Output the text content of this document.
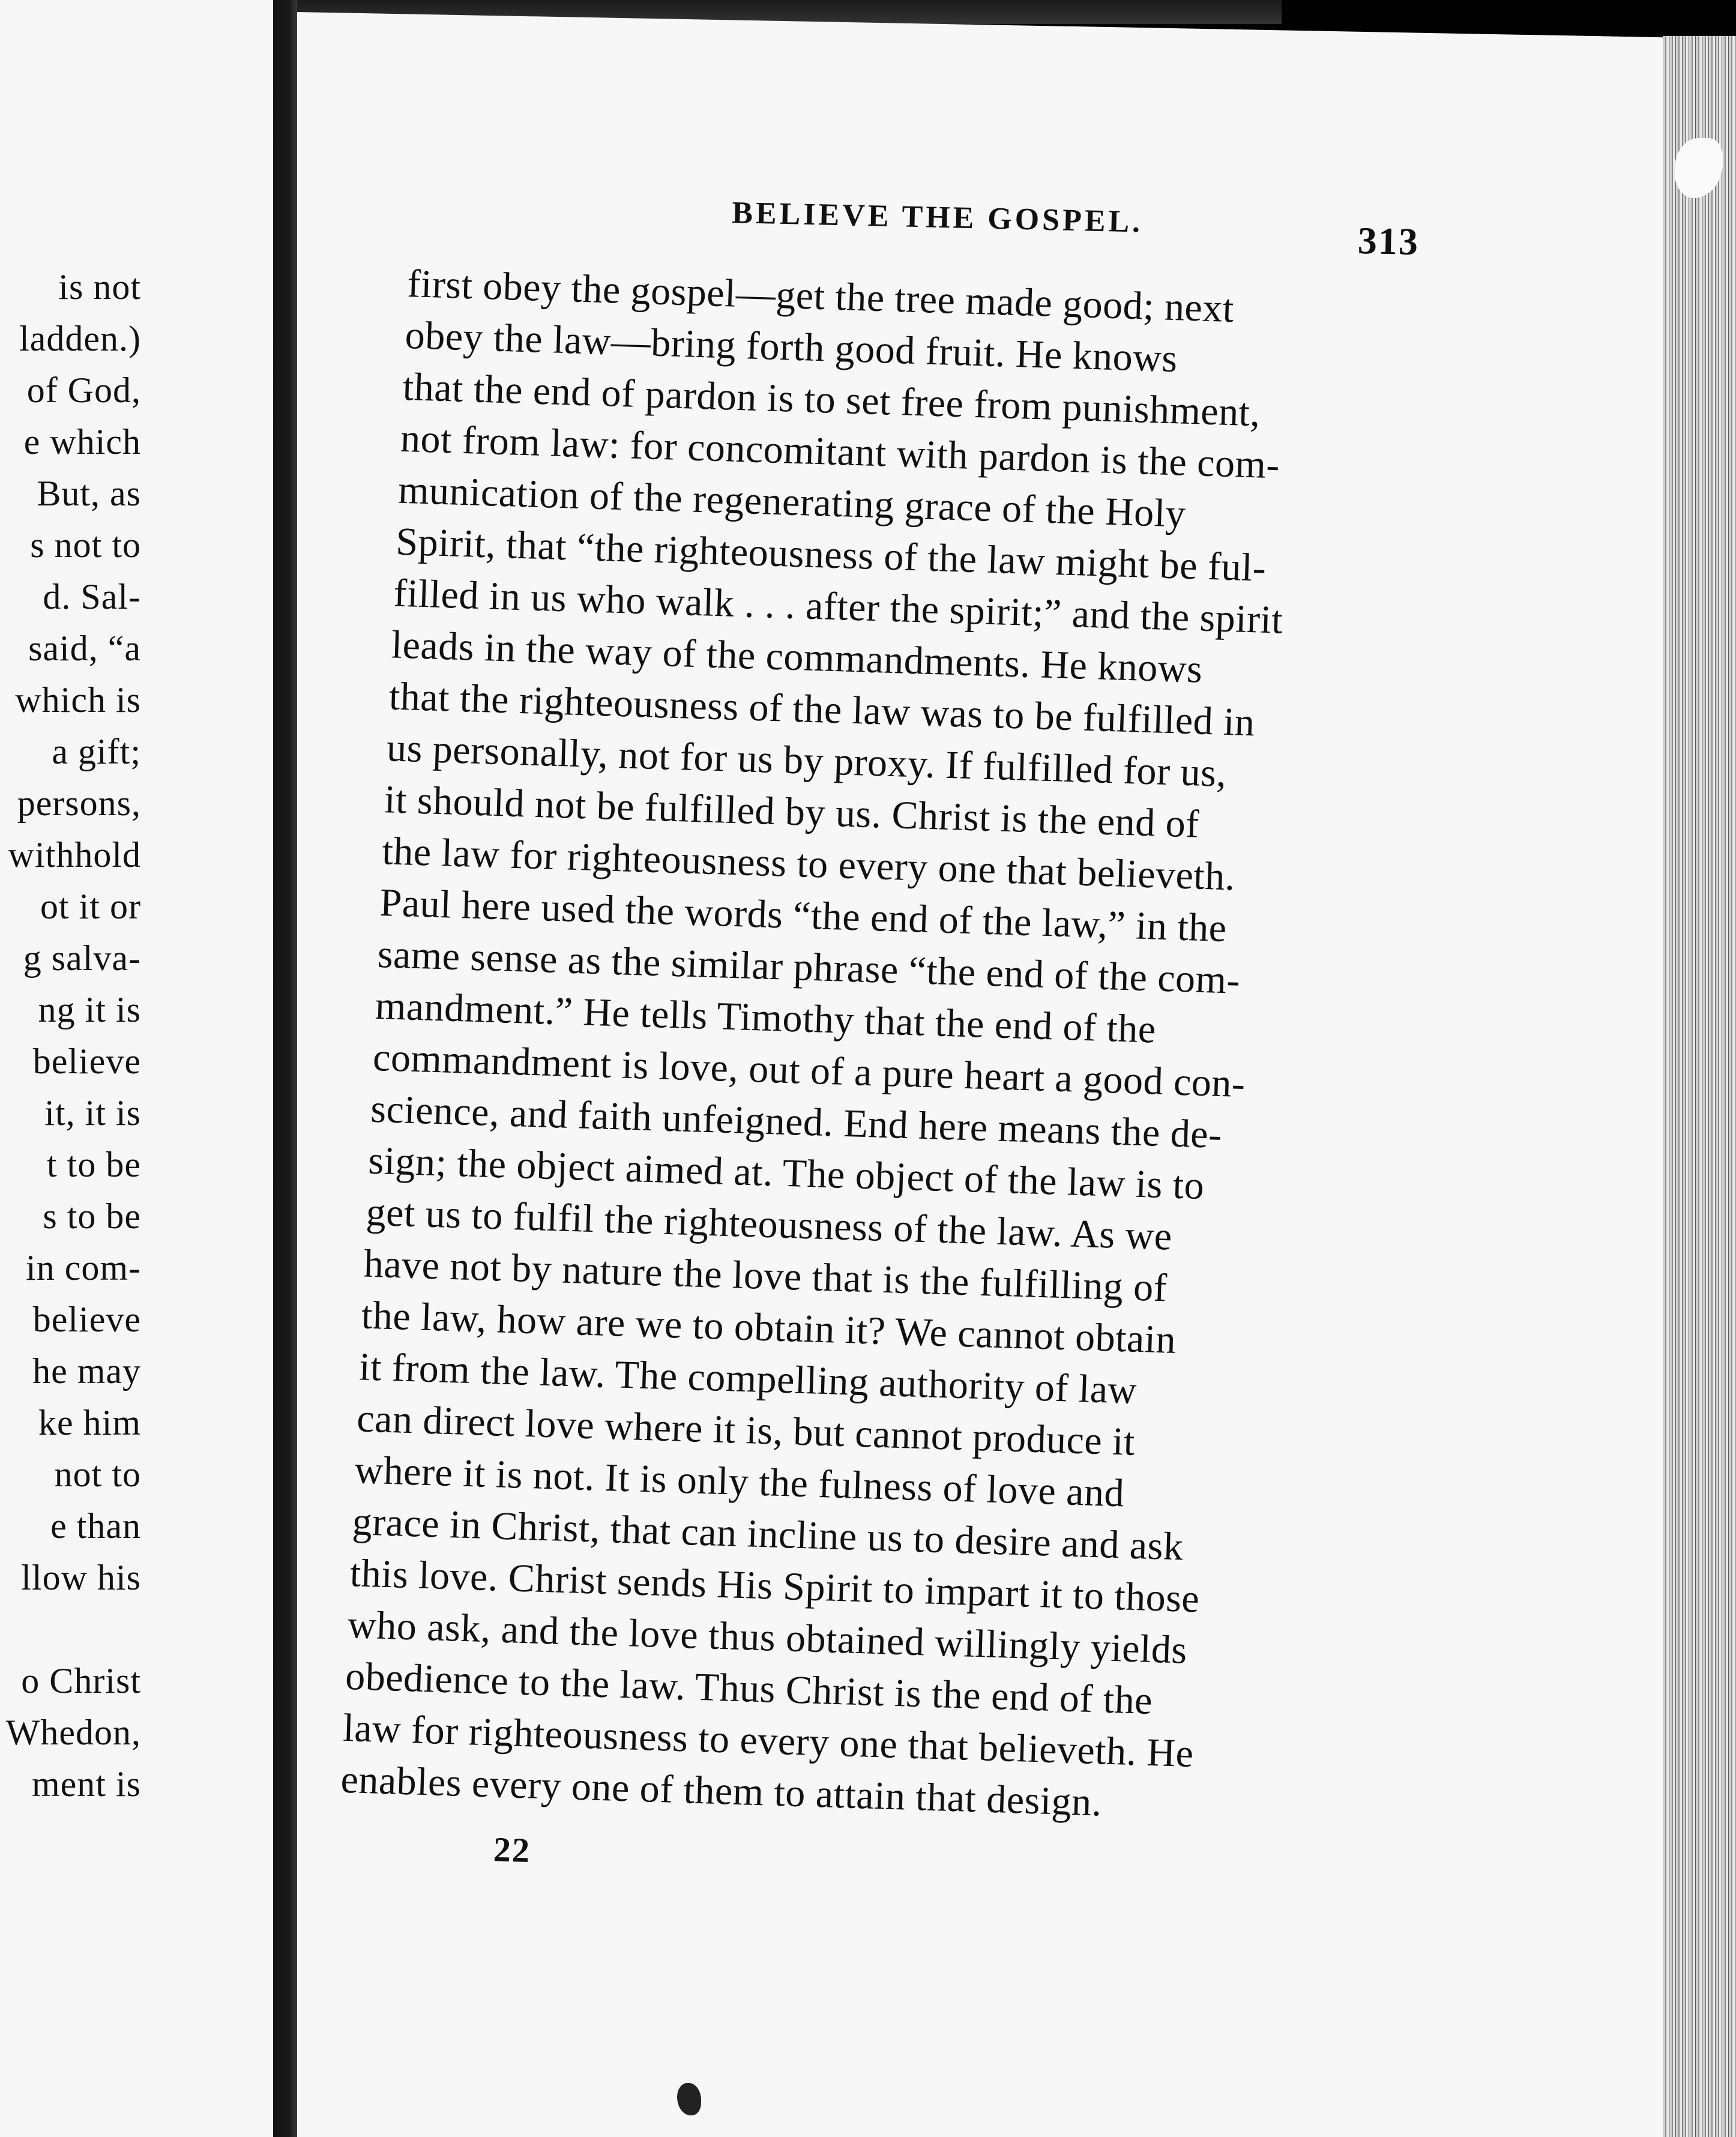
is not
ladden.)
of God,
e which
But, as
s not to
d. Sal-
said, “a
which is
a gift;
persons,
withhold
ot it or
g salva-
ng it is
believe
it, it is
t to be
s to be
in com-
believe
he may
ke him
not to
e than
llow his
o Christ
Whedon,
ment is
BELIEVE THE GOSPEL.
313
first obey the gospel—get the tree made good; next
obey the law—bring forth good fruit. He knows
that the end of pardon is to set free from punishment,
not from law: for concomitant with pardon is the com-
munication of the regenerating grace of the Holy
Spirit, that “the righteousness of the law might be ful-
filled in us who walk . . . after the spirit;” and the spirit
leads in the way of the commandments. He knows
that the righteousness of the law was to be fulfilled in
us personally, not for us by proxy. If fulfilled for us,
it should not be fulfilled by us. Christ is the end of
the law for righteousness to every one that believeth.
Paul here used the words “the end of the law,” in the
same sense as the similar phrase “the end of the com-
mandment.” He tells Timothy that the end of the
commandment is love, out of a pure heart a good con-
science, and faith unfeigned. End here means the de-
sign; the object aimed at. The object of the law is to
get us to fulfil the righteousness of the law. As we
have not by nature the love that is the fulfilling of
the law, how are we to obtain it? We cannot obtain
it from the law. The compelling authority of law
can direct love where it is, but cannot produce it
where it is not. It is only the fulness of love and
grace in Christ, that can incline us to desire and ask
this love. Christ sends His Spirit to impart it to those
who ask, and the love thus obtained willingly yields
obedience to the law. Thus Christ is the end of the
law for righteousness to every one that believeth. He
enables every one of them to attain that design.
22
